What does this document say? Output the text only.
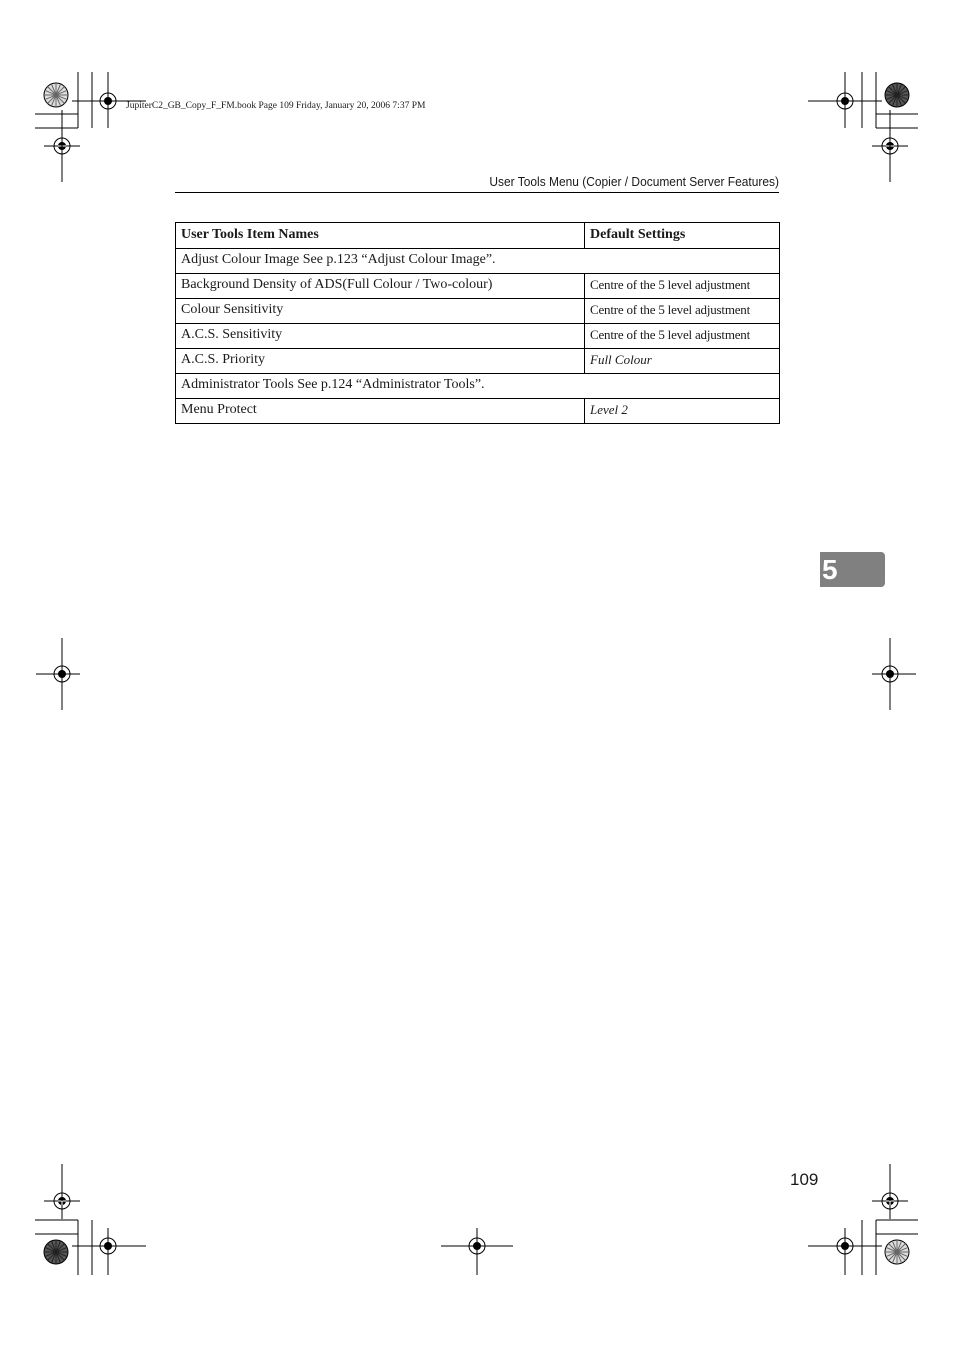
JupiterC2_GB_Copy_F_FM.book Page 109 Friday, January 20, 2006 7:37 PM
User Tools Menu (Copier / Document Server Features)
User Tools Item Names	Default Settings
Adjust Colour Image See p.123 “Adjust Colour Image”.	
Background Density of ADS(Full Colour / Two-colour)	Centre of the 5 level adjustment
Colour Sensitivity	Centre of the 5 level adjustment
A.C.S. Sensitivity	Centre of the 5 level adjustment
A.C.S. Priority	Full Colour
Administrator Tools See p.124 “Administrator Tools”.	
Menu Protect	Level 2
5
109
